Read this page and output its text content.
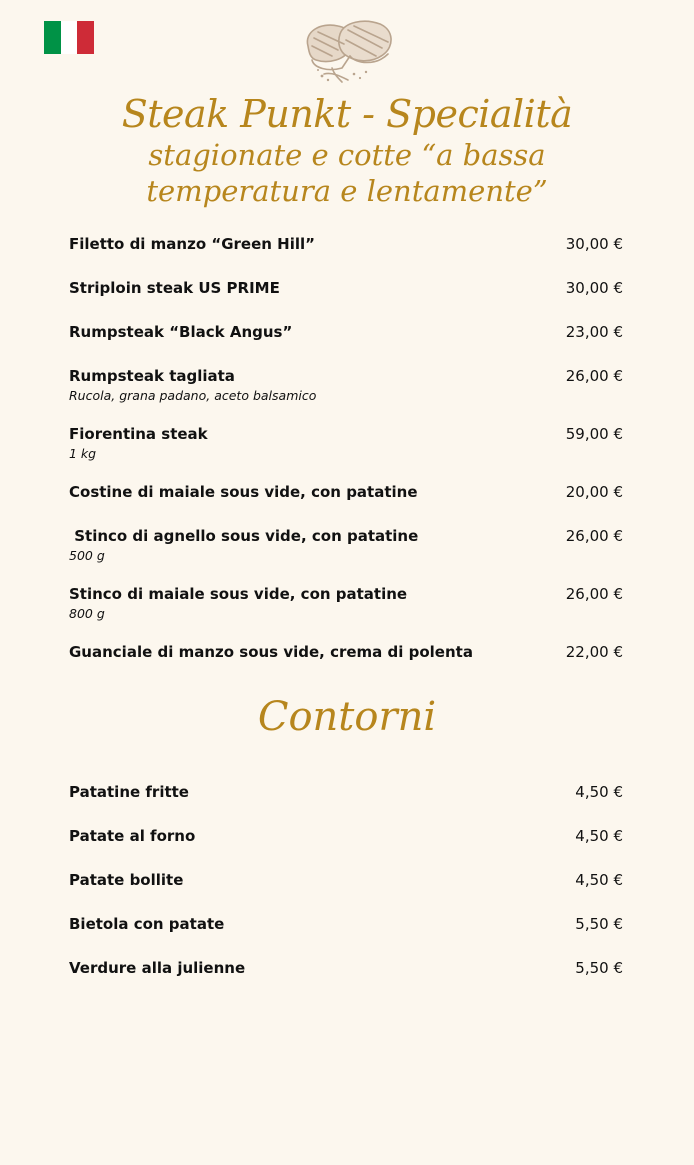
Steak Punkt - Specialità
stagionate e cotte “a bassa
temperatura e lentamente”
Filetto di manzo “Green Hill”	30,00 €
Striploin steak US PRIME	30,00 €
Rumpsteak “Black Angus”	23,00 €
Rumpsteak tagliata	26,00 €
Rucola, grana padano, aceto balsamico
Fiorentina steak	59,00 €
1 kg
Costine di maiale sous vide, con patatine	20,00 €
Stinco di agnello sous vide, con patatine	26,00 €
500 g
Stinco di maiale sous vide, con patatine	26,00 €
800 g
Guanciale di manzo sous vide, crema di polenta	22,00 €
Contorni
Patatine fritte	4,50 €
Patate al forno	4,50 €
Patate bollite	4,50 €
Bietola con patate	5,50 €
Verdure alla julienne	5,50 €
